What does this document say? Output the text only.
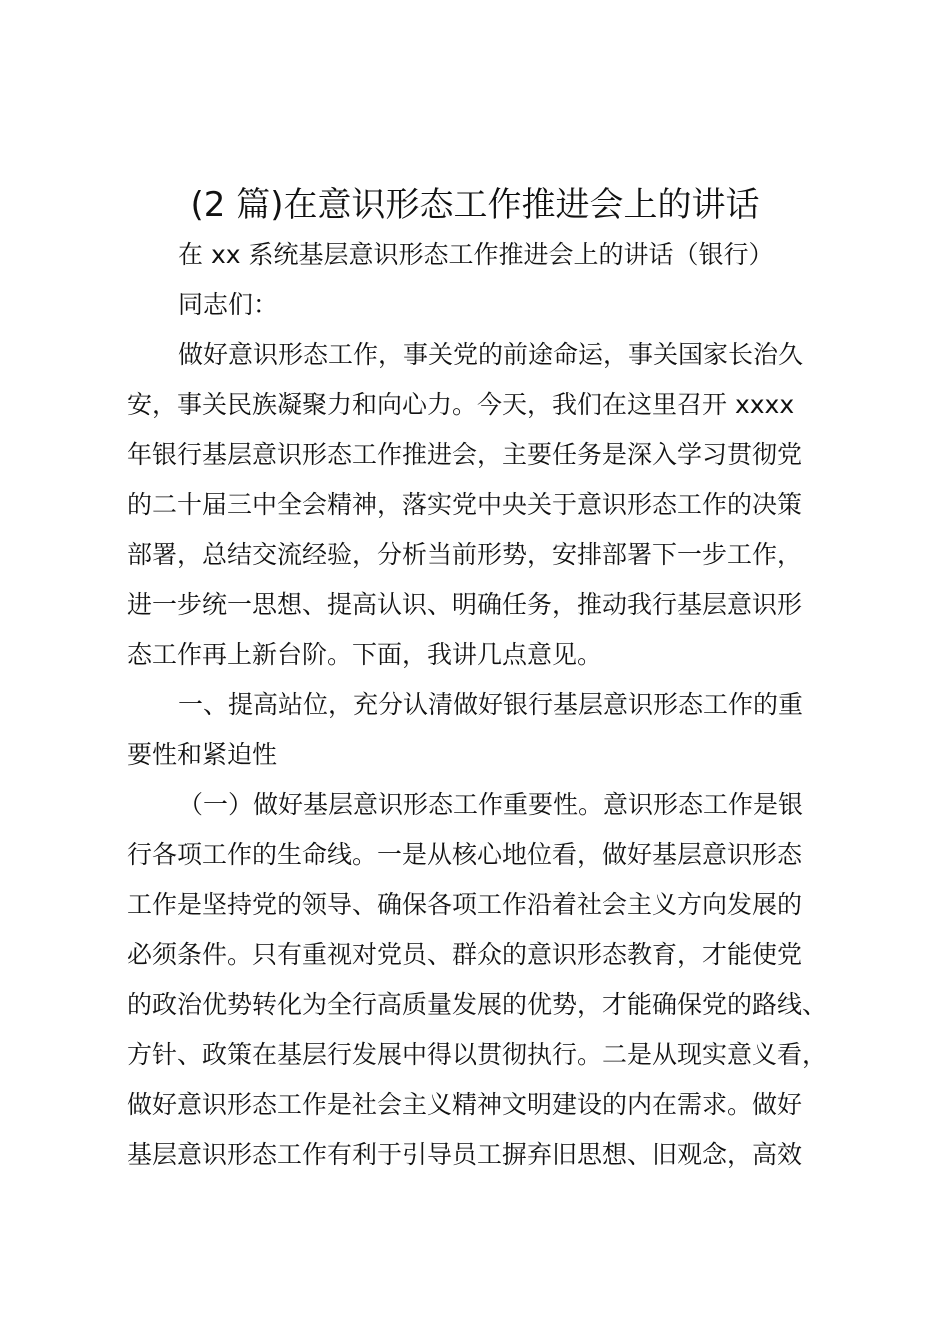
(2 篇)在意识形态工作推进会上的讲话
在 xx 系统基层意识形态工作推进会上的讲话（银行）
同志们：
做好意识形态工作，事关党的前途命运，事关国家长治久
安，事关民族凝聚力和向心力。今天，我们在这里召开 xxxx
年银行基层意识形态工作推进会，主要任务是深入学习贯彻党
的二十届三中全会精神，落实党中央关于意识形态工作的决策
部署，总结交流经验，分析当前形势，安排部署下一步工作，
进一步统一思想、提高认识、明确任务，推动我行基层意识形
态工作再上新台阶。下面，我讲几点意见。
一、提高站位，充分认清做好银行基层意识形态工作的重
要性和紧迫性
（一）做好基层意识形态工作重要性。意识形态工作是银
行各项工作的生命线。一是从核心地位看，做好基层意识形态
工作是坚持党的领导、确保各项工作沿着社会主义方向发展的
必须条件。只有重视对党员、群众的意识形态教育，才能使党
的政治优势转化为全行高质量发展的优势，才能确保党的路线、
方针、政策在基层行发展中得以贯彻执行。二是从现实意义看，
做好意识形态工作是社会主义精神文明建设的内在需求。做好
基层意识形态工作有利于引导员工摒弃旧思想、旧观念，高效
